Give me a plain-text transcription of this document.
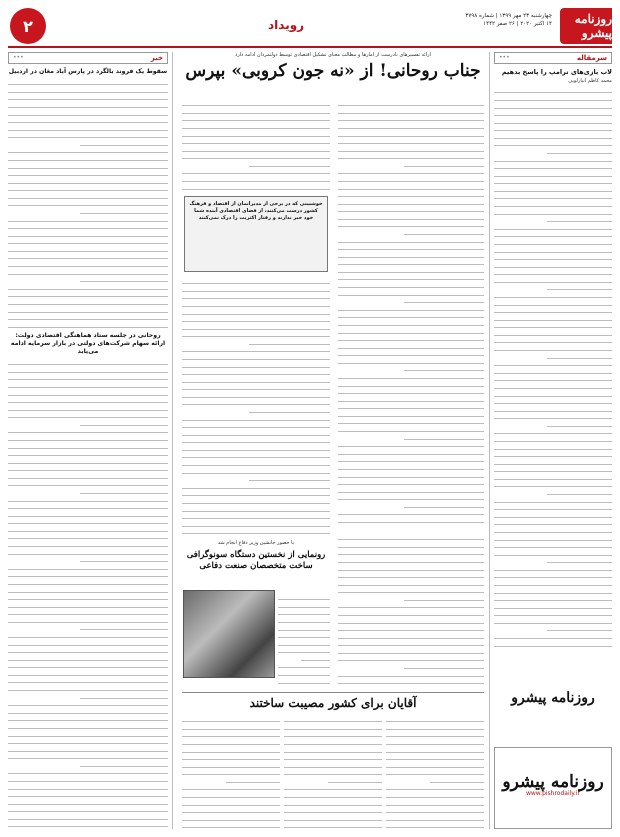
روزنامه پیشرو
چهارشنبه ۲۳ مهر ۱۳۹۹ | شماره ۳۷۹۸
۱۴ اکتبر ۲۰۲۰ | ۲۶ صفر ۱۴۴۲
رویداد
۲
سرمقاله
•••
لاب بازی‌های ترامپ را پاسخ بدهیم
محمد کاظم انبارلویی
روزنامه پیشرو
روزنامه پیشرو
www.pishrodaily.ir
ارائه تفسیرهای نادرست از آمارها و مطالب معنای تشکیل اقتصادی توسط دولتمردان ادامه دارد
جناب روحانی! از «نه جون کروبی» بپرس
خوشبینی که در برخی از مدیرانمان از اقتصاد و فرهنگ کشور درست می‌کنند، از فضای اقتصادی آینده شما خود خبر ندارند و رفتار اکثریت را درک نمی‌کنند
با حضور جانشین وزیر دفاع انجام شد
رونمایی از نخستین دستگاه سونوگرافی ساخت متخصصان صنعت دفاعی
آقایان برای کشور مصیبت ساختند
خبر
•••
سقوط یک فروند بالگرد در پارس آباد مغان در اردبیل
روحانی در جلسه ستاد هماهنگی اقتصادی دولت: ارائه سهام شرکت‌های دولتی در بازار سرمایه ادامه می‌یابد
